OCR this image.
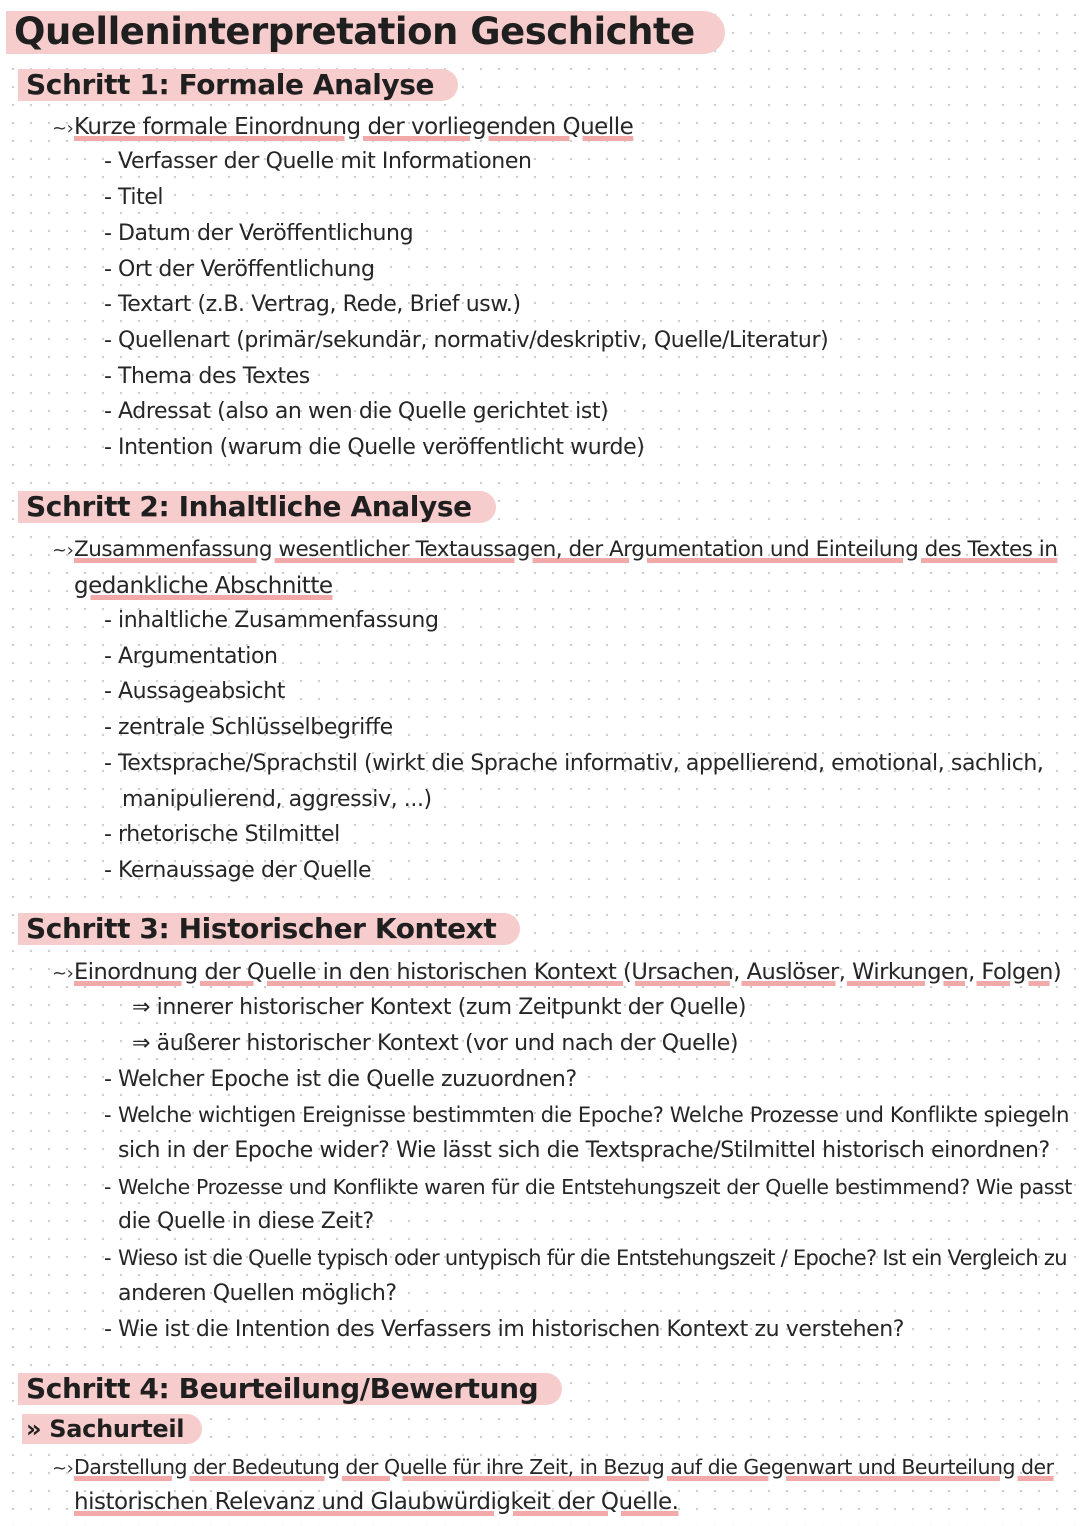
Quelleninterpretation Geschichte
Schritt 1: Formale Analyse
~›Kurze formale Einordnung der vorliegenden Quelle
- Verfasser der Quelle mit Informationen
- Titel
- Datum der Veröffentlichung
- Ort der Veröffentlichung
- Textart (z.B. Vertrag, Rede, Brief usw.)
- Quellenart (primär/sekundär, normativ/deskriptiv, Quelle/Literatur)
- Thema des Textes
- Adressat (also an wen die Quelle gerichtet ist)
- Intention (warum die Quelle veröffentlicht wurde)
Schritt 2: Inhaltliche Analyse
~›Zusammenfassung wesentlicher Textaussagen, der Argumentation und Einteilung des Textes in
gedankliche Abschnitte
- inhaltliche Zusammenfassung
- Argumentation
- Aussageabsicht
- zentrale Schlüsselbegriffe
- Textsprache/Sprachstil (wirkt die Sprache informativ, appellierend, emotional, sachlich,
manipulierend, aggressiv, ...)
- rhetorische Stilmittel
- Kernaussage der Quelle
Schritt 3: Historischer Kontext
~›Einordnung der Quelle in den historischen Kontext (Ursachen, Auslöser, Wirkungen, Folgen)
⇒ innerer historischer Kontext (zum Zeitpunkt der Quelle)
⇒ äußerer historischer Kontext (vor und nach der Quelle)
- Welcher Epoche ist die Quelle zuzuordnen?
- Welche wichtigen Ereignisse bestimmten die Epoche? Welche Prozesse und Konflikte spiegeln
sich in der Epoche wider? Wie lässt sich die Textsprache/Stilmittel historisch einordnen?
- Welche Prozesse und Konflikte waren für die Entstehungszeit der Quelle bestimmend? Wie passt
die Quelle in diese Zeit?
- Wieso ist die Quelle typisch oder untypisch für die Entstehungszeit / Epoche? Ist ein Vergleich zu
anderen Quellen möglich?
- Wie ist die Intention des Verfassers im historischen Kontext zu verstehen?
Schritt 4: Beurteilung/Bewertung
» Sachurteil
~›Darstellung der Bedeutung der Quelle für ihre Zeit, in Bezug auf die Gegenwart und Beurteilung der
historischen Relevanz und Glaubwürdigkeit der Quelle.
